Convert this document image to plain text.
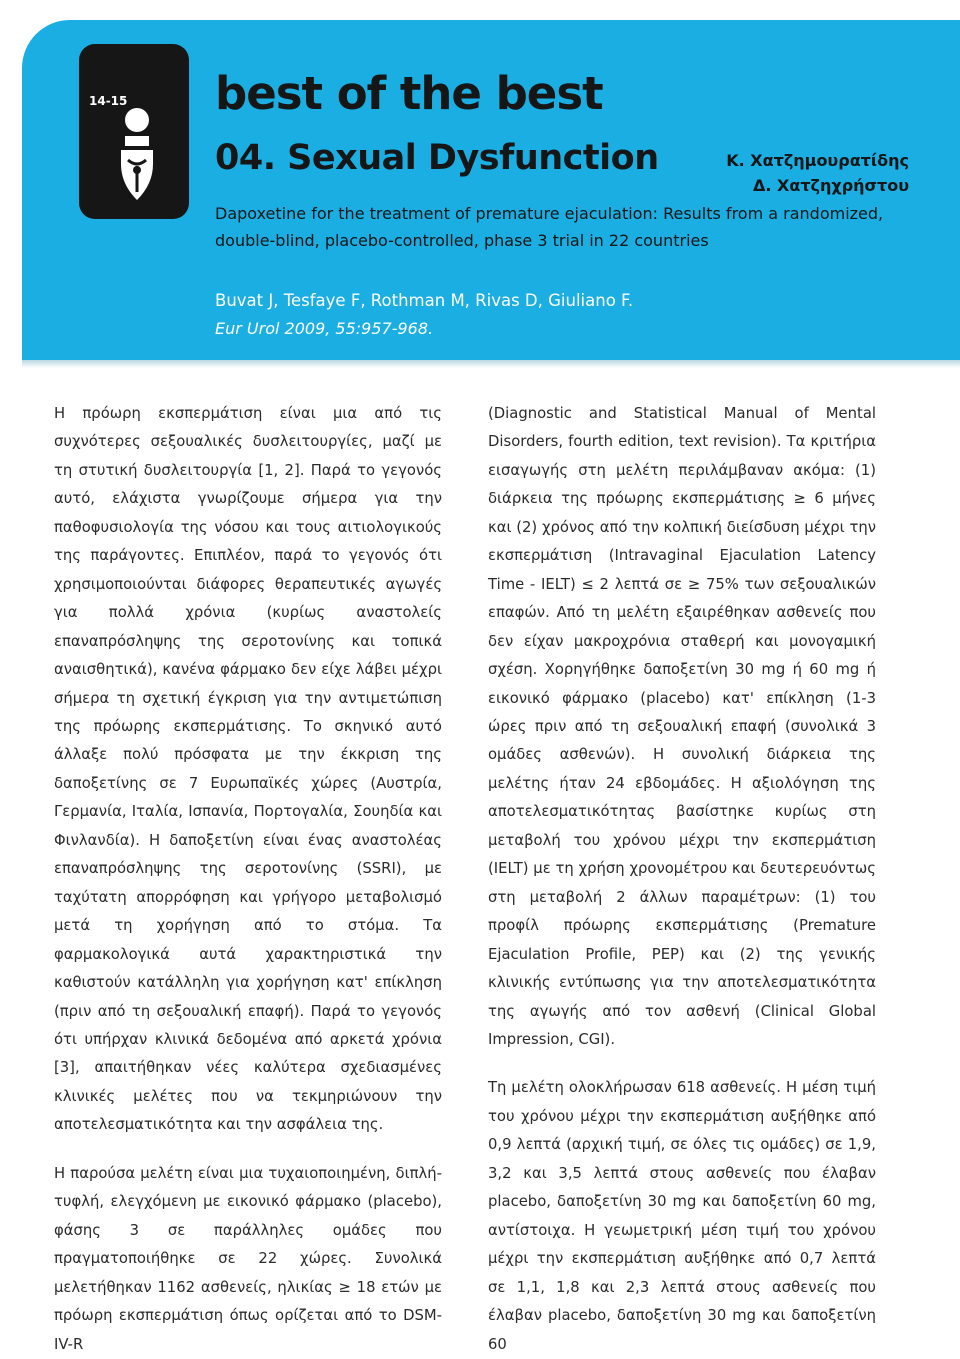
14-15 best of the best
04. Sexual Dysfunction	Κ. Χατζημουρατίδης
Δ. Χατζηχρήστου
Dapoxetine for the treatment of premature ejaculation: Results from a randomized, double-blind, placebo-controlled, phase 3 trial in 22 countries

Buvat J, Tesfaye F, Rothman M, Rivas D, Giuliano F.

Eur Urol 2009, 55:957-968.

Η πρόωρη εκσπερμάτιση είναι μια από τις συχνότερες σεξουαλικές δυσλειτουργίες, μαζί με τη στυτική δυσλειτουργία [1, 2]. Παρά το γεγονός αυτό, ελάχιστα γνωρίζουμε σήμερα για την παθοφυσιολογία της νόσου και τους αιτιολογικούς της παράγοντες. Επιπλέον, παρά το γεγονός ότι χρησιμοποιούνται διάφορες θεραπευτικές αγωγές για πολλά χρόνια (κυρίως αναστολείς επαναπρόσληψης της σεροτονίνης και τοπικά αναισθητικά), κανένα φάρμακο δεν είχε λάβει μέχρι σήμερα τη σχετική έγκριση για την αντιμετώπιση της πρόωρης εκσπερμάτισης. Το σκηνικό αυτό άλλαξε πολύ πρόσφατα με την έκκριση της δαποξετίνης σε 7 Ευρωπαϊκές χώρες (Αυστρία, Γερμανία, Ιταλία, Ισπανία, Πορτογαλία, Σουηδία και Φινλανδία). Η δαποξετίνη είναι ένας αναστολέας επαναπρόσληψης της σεροτονίνης (SSRI), με ταχύτατη απορρόφηση και γρήγορο μεταβολισμό μετά τη χορήγηση από το στόμα. Τα φαρμακολογικά αυτά χαρακτηριστικά την καθιστούν κατάλληλη για χορήγηση κατ' επίκληση (πριν από τη σεξουαλική επαφή). Παρά το γεγονός ότι υπήρχαν κλινικά δεδομένα από αρκετά χρόνια [3], απαιτήθηκαν νέες καλύτερα σχεδιασμένες κλινικές μελέτες που να τεκμηριώνουν την αποτελεσματικότητα και την ασφάλεια της.

Η παρούσα μελέτη είναι μια τυχαιοποιημένη, διπλή-τυφλή, ελεγχόμενη με εικονικό φάρμακο (placebo), φάσης 3 σε παράλληλες ομάδες που πραγματοποιήθηκε σε 22 χώρες. Συνολικά μελετήθηκαν 1162 ασθενείς, ηλικίας ≥ 18 ετών με πρόωρη εκσπερμάτιση όπως ορίζεται από το DSM-IV-R

(Diagnostic and Statistical Manual of Mental Disorders, fourth edition, text revision). Τα κριτήρια εισαγωγής στη μελέτη περιλάμβαναν ακόμα: (1) διάρκεια της πρόωρης εκσπερμάτισης ≥ 6 μήνες και (2) χρόνος από την κολπική διείσδυση μέχρι την εκσπερμάτιση (Intravaginal Ejaculation Latency Time - IELT) ≤ 2 λεπτά σε ≥ 75% των σεξουαλικών επαφών. Από τη μελέτη εξαιρέθηκαν ασθενείς που δεν είχαν μακροχρόνια σταθερή και μονογαμική σχέση. Χορηγήθηκε δαποξετίνη 30 mg ή 60 mg ή εικονικό φάρμακο (placebo) κατ' επίκληση (1-3 ώρες πριν από τη σεξουαλική επαφή (συνολικά 3 ομάδες ασθενών). Η συνολική διάρκεια της μελέτης ήταν 24 εβδομάδες. Η αξιολόγηση της αποτελεσματικότητας βασίστηκε κυρίως στη μεταβολή του χρόνου μέχρι την εκσπερμάτιση (IELT) με τη χρήση χρονομέτρου και δευτερευόντως στη μεταβολή 2 άλλων παραμέτρων: (1) του προφίλ πρόωρης εκσπερμάτισης (Premature Ejaculation Profile, PEP) και (2) της γενικής κλινικής εντύπωσης για την αποτελεσματικότητα της αγωγής από τον ασθενή (Clinical Global Impression, CGI).

Τη μελέτη ολοκλήρωσαν 618 ασθενείς. Η μέση τιμή του χρόνου μέχρι την εκσπερμάτιση αυξήθηκε από 0,9 λεπτά (αρχική τιμή, σε όλες τις ομάδες) σε 1,9, 3,2 και 3,5 λεπτά στους ασθενείς που έλαβαν placebo, δαποξετίνη 30 mg και δαποξετίνη 60 mg, αντίστοιχα. Η γεωμετρική μέση τιμή του χρόνου μέχρι την εκσπερμάτιση αυξήθηκε από 0,7 λεπτά σε 1,1, 1,8 και 2,3 λεπτά στους ασθενείς που έλαβαν placebo, δαποξετίνη 30 mg και δαποξετίνη 60
